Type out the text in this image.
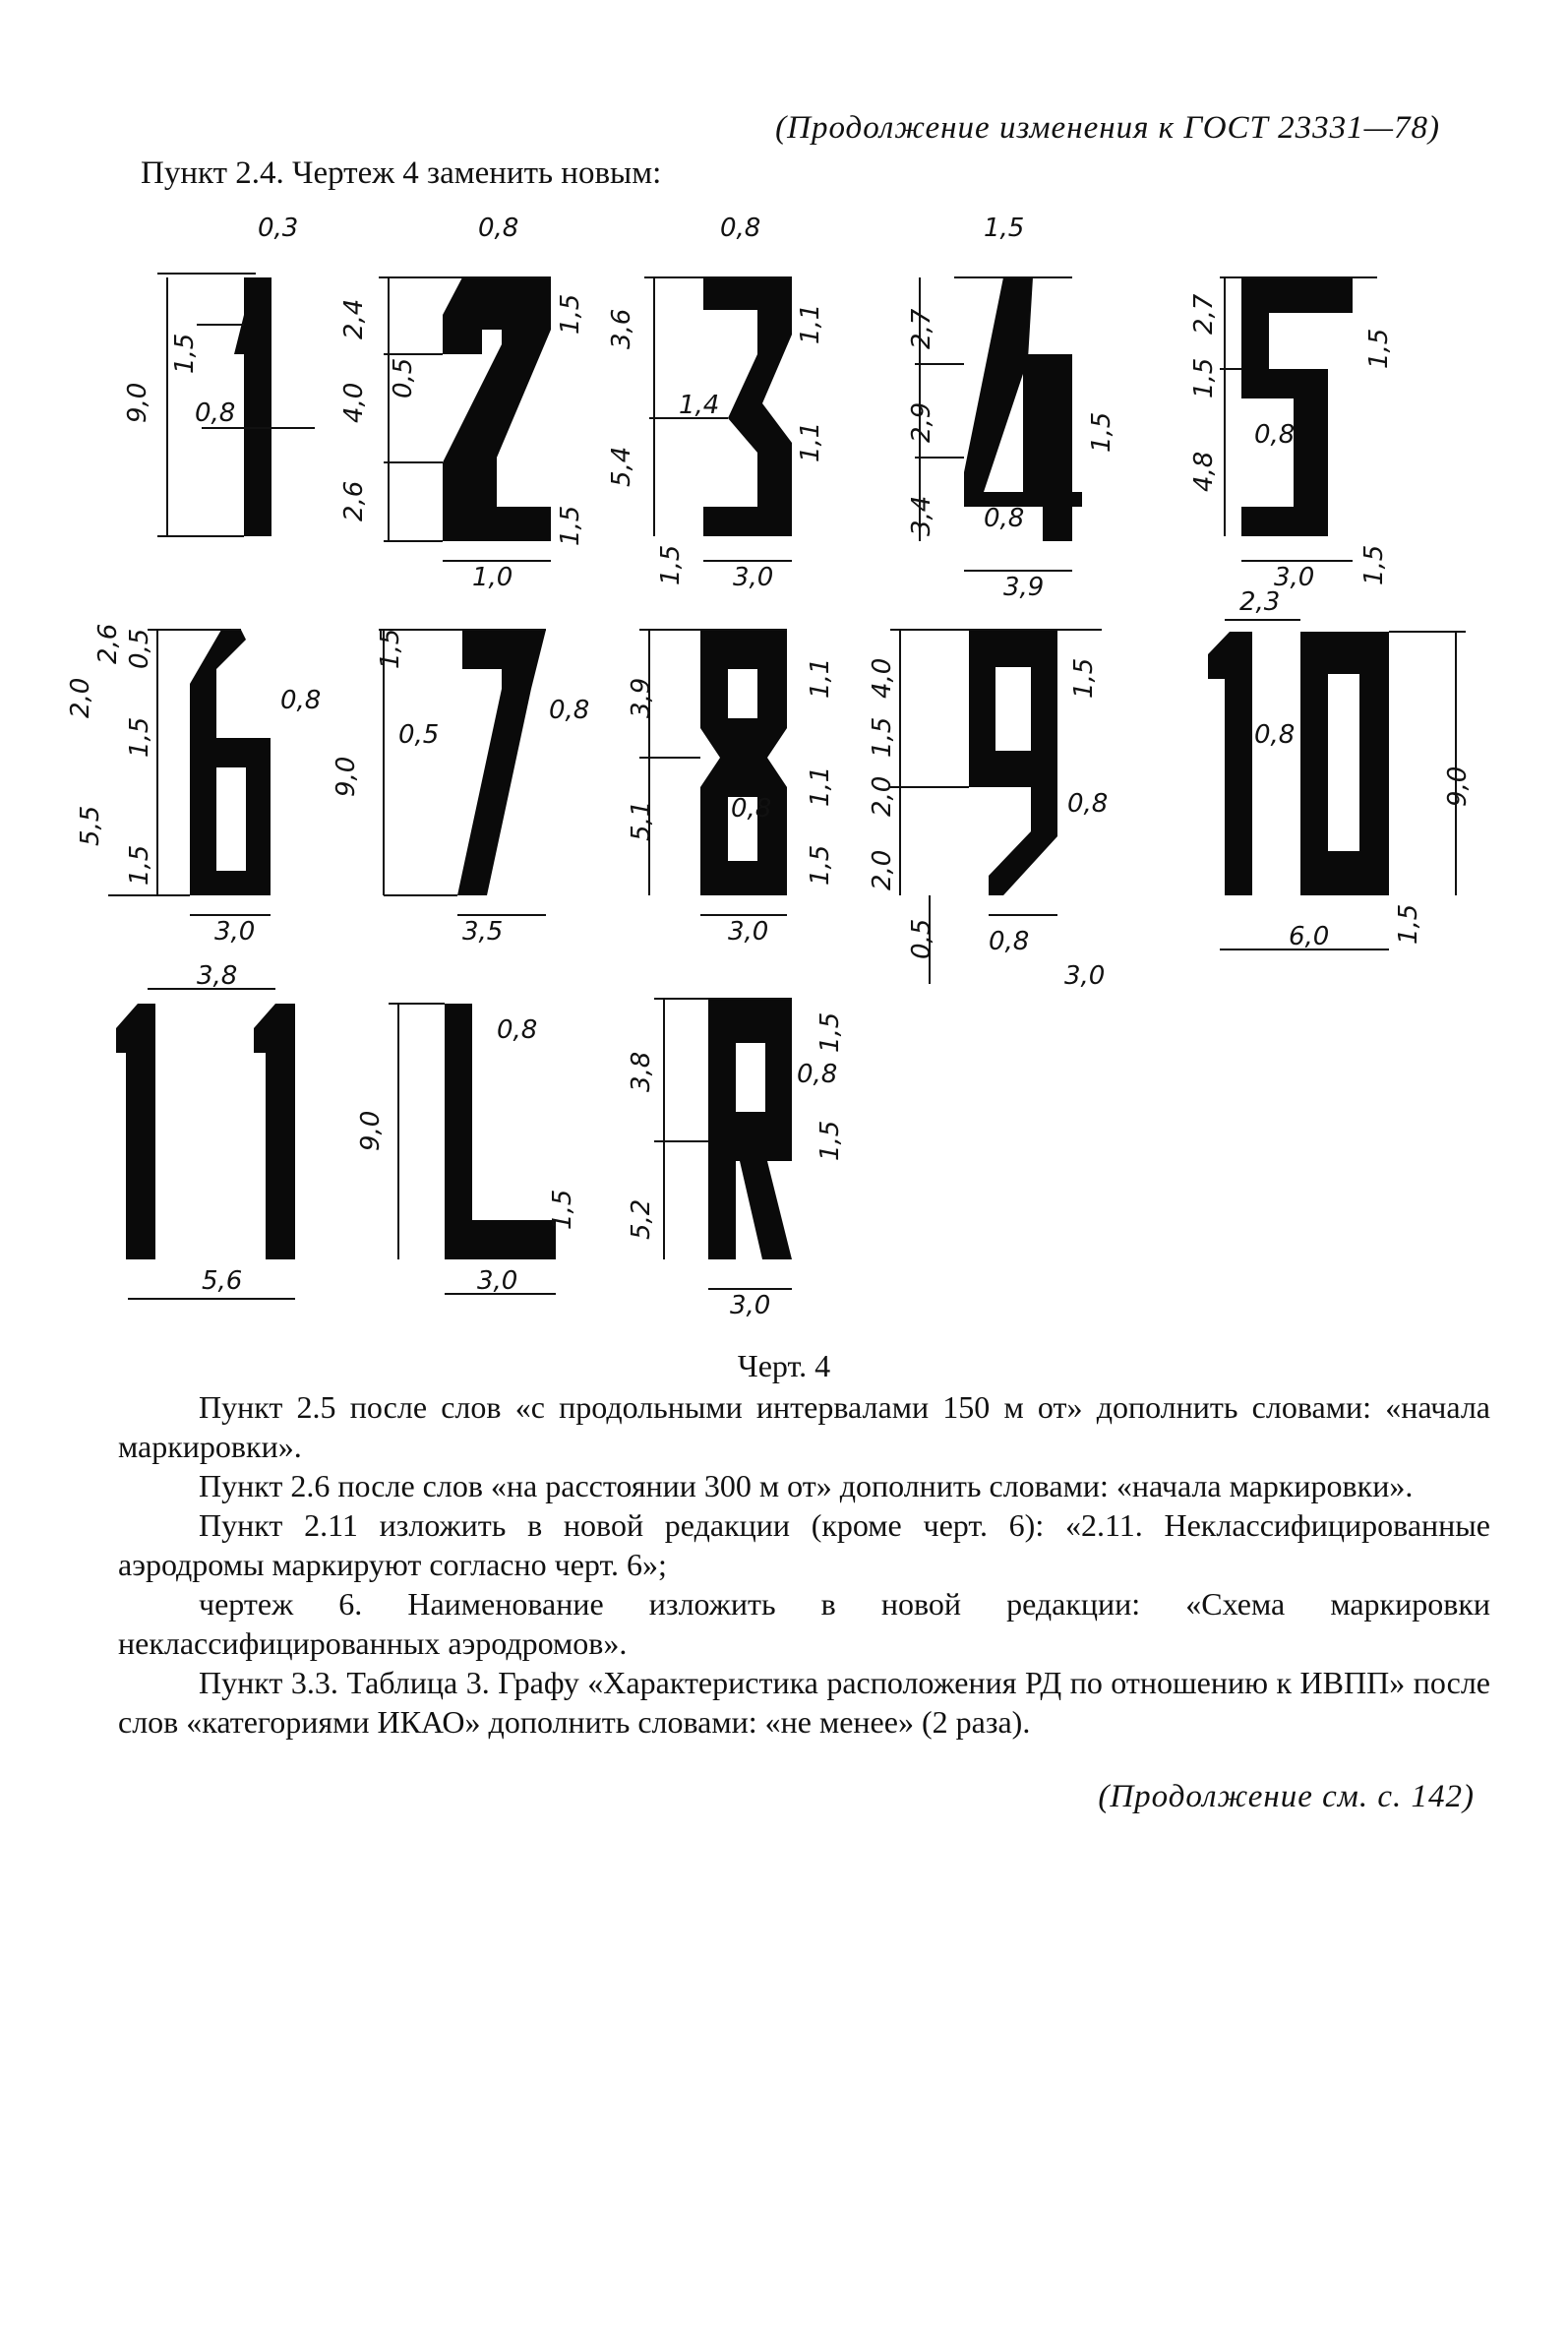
(Продолжение изменения к ГОСТ 23331—78)
Пункт 2.4. Чертеж 4 заменить новым:
0,3
9,0
1,5
0,8
0,8
2,4	1,5
0,5
4,0
2,6
1,5
1,0
0,8
3,6	1,1
1,4
5,4
1,1
1,5 3,0
1,5
2,7
2,9	1,5
3,4 0,8
3,9
2,7
1,5
1,5
0,8
4,8
3,0 1,5
2,6
2,0
0,5
0,8
1,5
5,5
1,5
3,0
1,5
9,0
0,8
0,5
3,5
3,9	1,1
5,1	0,8
1,1
1,5
3,0
4,0	1,5
1,5
2,0	0,8
2,0
0,5 0,8
3,0
2,3
0,8
9,0
6,0	1,5
3,8
5,6
0,8
9,0
1,5
3,0
1,5
3,8	0,8
1,5
5,2
3,0
Черт. 4

Пункт 2.5 после слов «с продольными интервалами 150 м от» дополнить словами: «начала маркировки».

Пункт 2.6 после слов «на расстоянии 300 м от» дополнить словами: «начала маркировки».

Пункт 2.11 изложить в новой редакции (кроме черт. 6): «2.11. Неклассифицированные аэродромы маркируют согласно черт. 6»;

чертеж 6. Наименование изложить в новой редакции: «Схема маркировки неклассифицированных аэродромов».

Пункт 3.3. Таблица 3. Графу «Характеристика расположения РД по отношению к ИВПП» после слов «категориями ИКАО» дополнить словами: «не менее» (2 раза).

(Продолжение см. с. 142)
